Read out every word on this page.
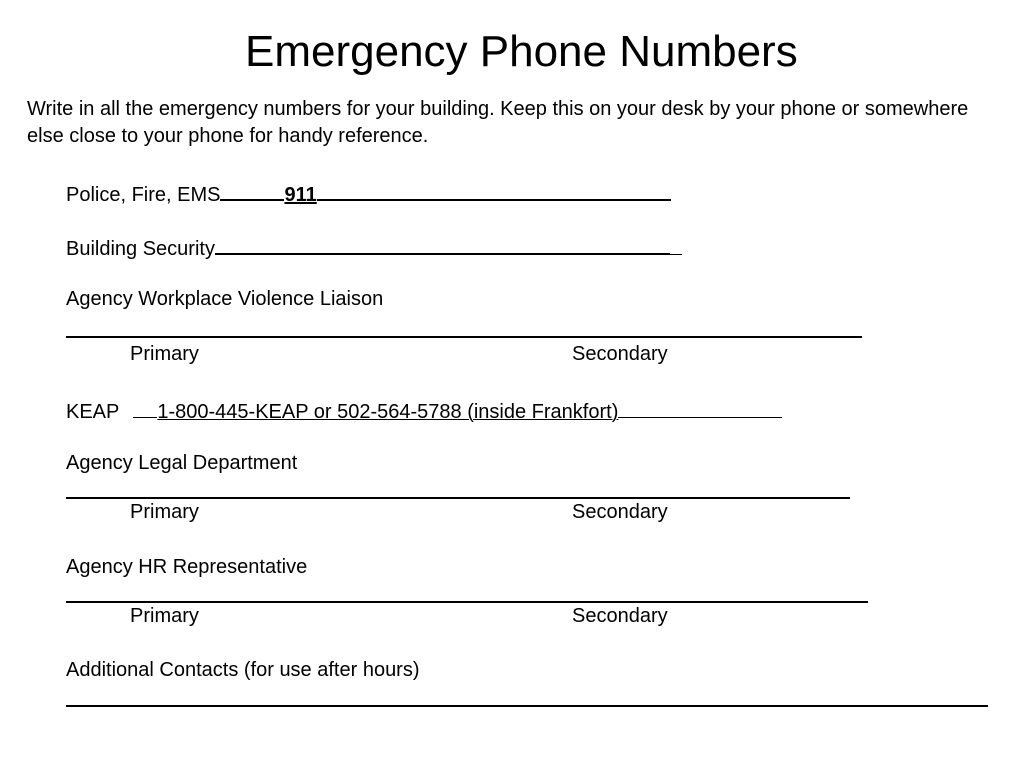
Emergency Phone Numbers
Write in all the emergency numbers for your building. Keep this on your desk by your phone or somewhere else close to your phone for handy reference.
Police, Fire, EMS	911
Building Security
Agency Workplace Violence Liaison
Primary	Secondary
KEAP 1-800-445-KEAP or 502-564-5788 (inside Frankfort)
Agency Legal Department
Primary	Secondary
Agency HR Representative
Primary	Secondary
Additional Contacts (for use after hours)
